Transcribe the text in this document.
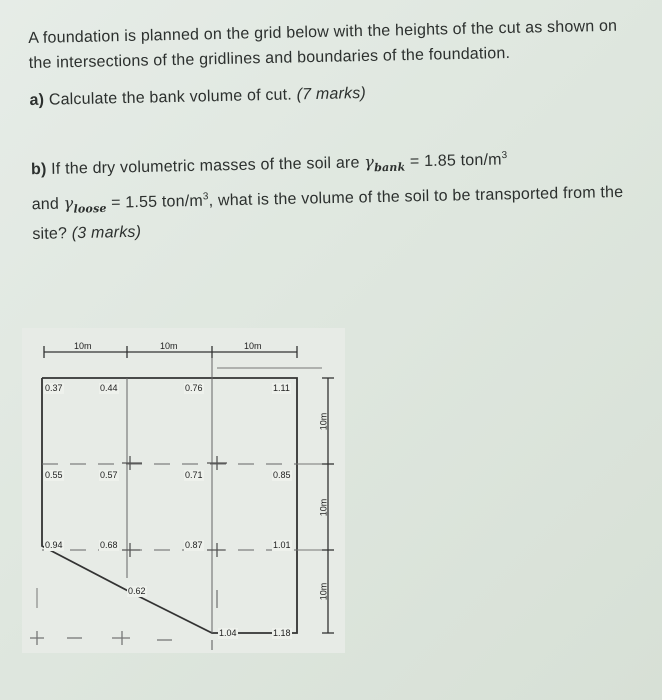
A foundation is planned on the grid below with the heights of the cut as shown on the intersections of the gridlines and boundaries of the foundation.

a) Calculate the bank volume of cut. (7 marks)

b) If the dry volumetric masses of the soil are $\gamma_{bank} = 1.85$ ton/$m^3$
and $\gamma_{loose} = 1.55$ ton/$m^3$, what is the volume of the soil to be transported from the site? (3 marks)

10m	10m	10m
10m
10m
10m
0.37	0.44	0.76	1.11
0.55	0.57	0.71	0.85
0.94	0.68	0.87	1.01
0.62
1.04	1.18
